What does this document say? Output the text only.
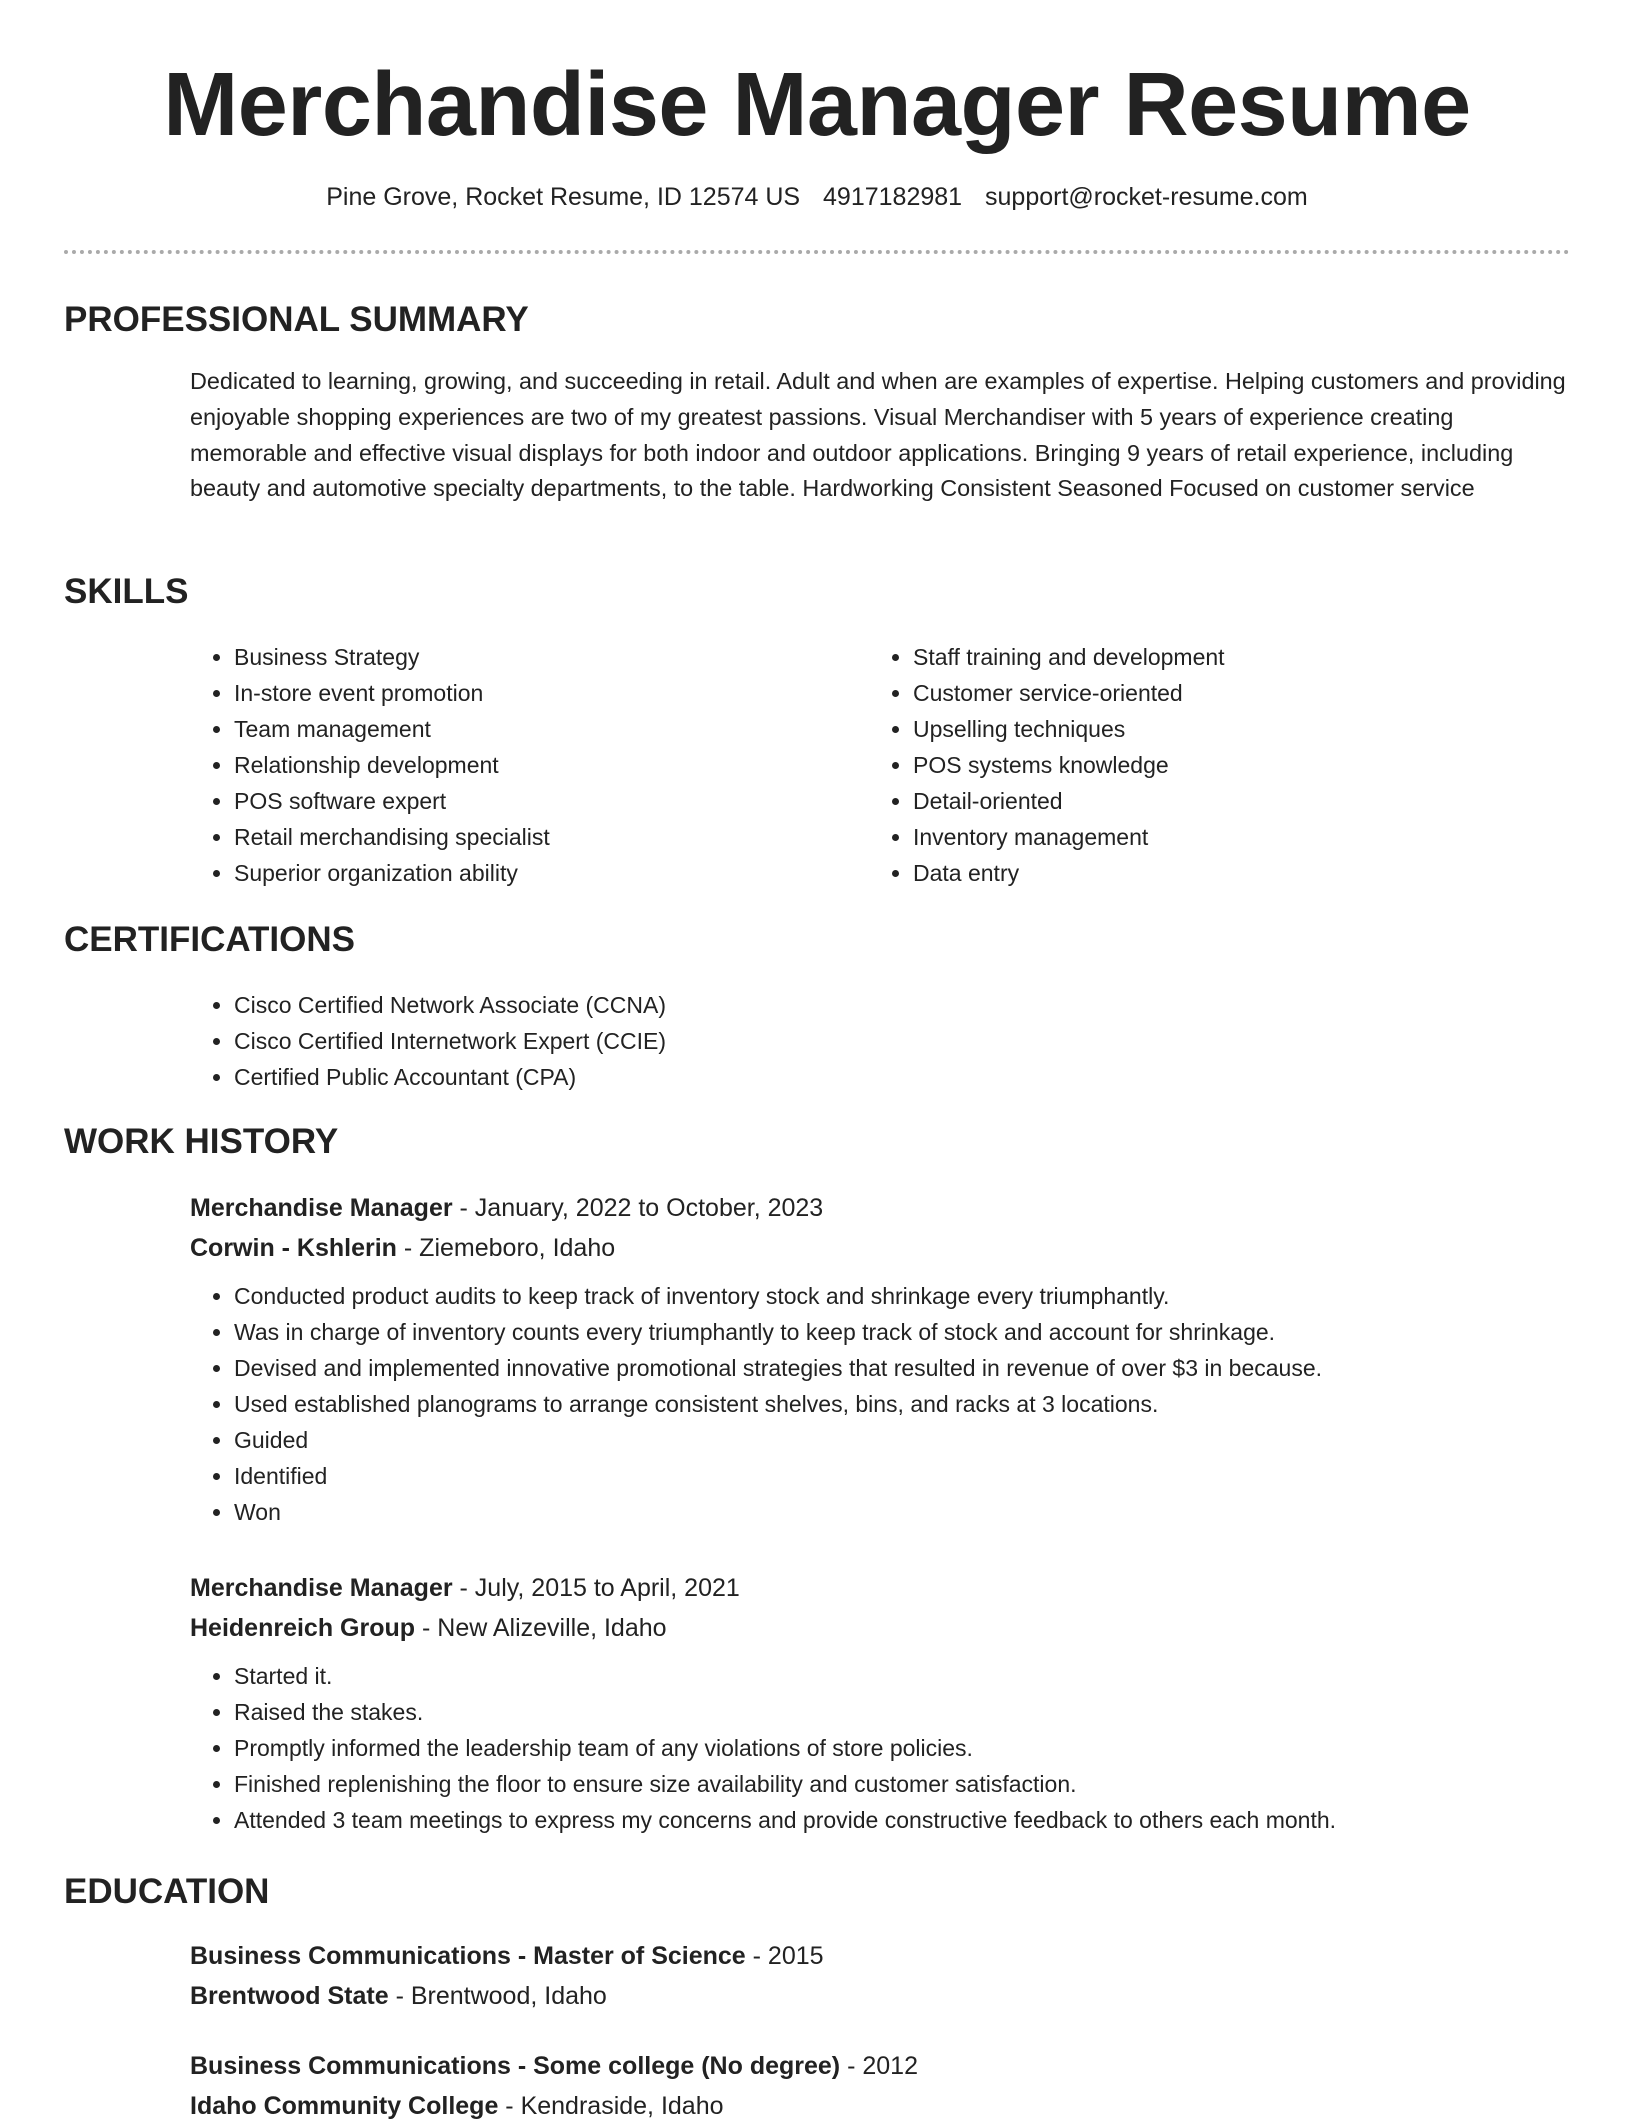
Merchandise Manager Resume
Pine Grove, Rocket Resume, ID 12574 US 4917182981 support@rocket-resume.com
PROFESSIONAL SUMMARY
Dedicated to learning, growing, and succeeding in retail. Adult and when are examples of expertise. Helping customers and providing enjoyable shopping experiences are two of my greatest passions. Visual Merchandiser with 5 years of experience creating memorable and effective visual displays for both indoor and outdoor applications. Bringing 9 years of retail experience, including beauty and automotive specialty departments, to the table. Hardworking Consistent Seasoned Focused on customer service
SKILLS
• Business Strategy
• In-store event promotion
• Team management
• Relationship development
• POS software expert
• Retail merchandising specialist
• Superior organization ability
• Staff training and development
• Customer service-oriented
• Upselling techniques
• POS systems knowledge
• Detail-oriented
• Inventory management
• Data entry
CERTIFICATIONS
• Cisco Certified Network Associate (CCNA)
• Cisco Certified Internetwork Expert (CCIE)
• Certified Public Accountant (CPA)
WORK HISTORY
Merchandise Manager - January, 2022 to October, 2023
Corwin - Kshlerin - Ziemeboro, Idaho
• Conducted product audits to keep track of inventory stock and shrinkage every triumphantly.
• Was in charge of inventory counts every triumphantly to keep track of stock and account for shrinkage.
• Devised and implemented innovative promotional strategies that resulted in revenue of over $3 in because.
• Used established planograms to arrange consistent shelves, bins, and racks at 3 locations.
• Guided
• Identified
• Won
Merchandise Manager - July, 2015 to April, 2021
Heidenreich Group - New Alizeville, Idaho
• Started it.
• Raised the stakes.
• Promptly informed the leadership team of any violations of store policies.
• Finished replenishing the floor to ensure size availability and customer satisfaction.
• Attended 3 team meetings to express my concerns and provide constructive feedback to others each month.
EDUCATION
Business Communications - Master of Science - 2015
Brentwood State - Brentwood, Idaho
Business Communications - Some college (No degree) - 2012
Idaho Community College - Kendraside, Idaho
